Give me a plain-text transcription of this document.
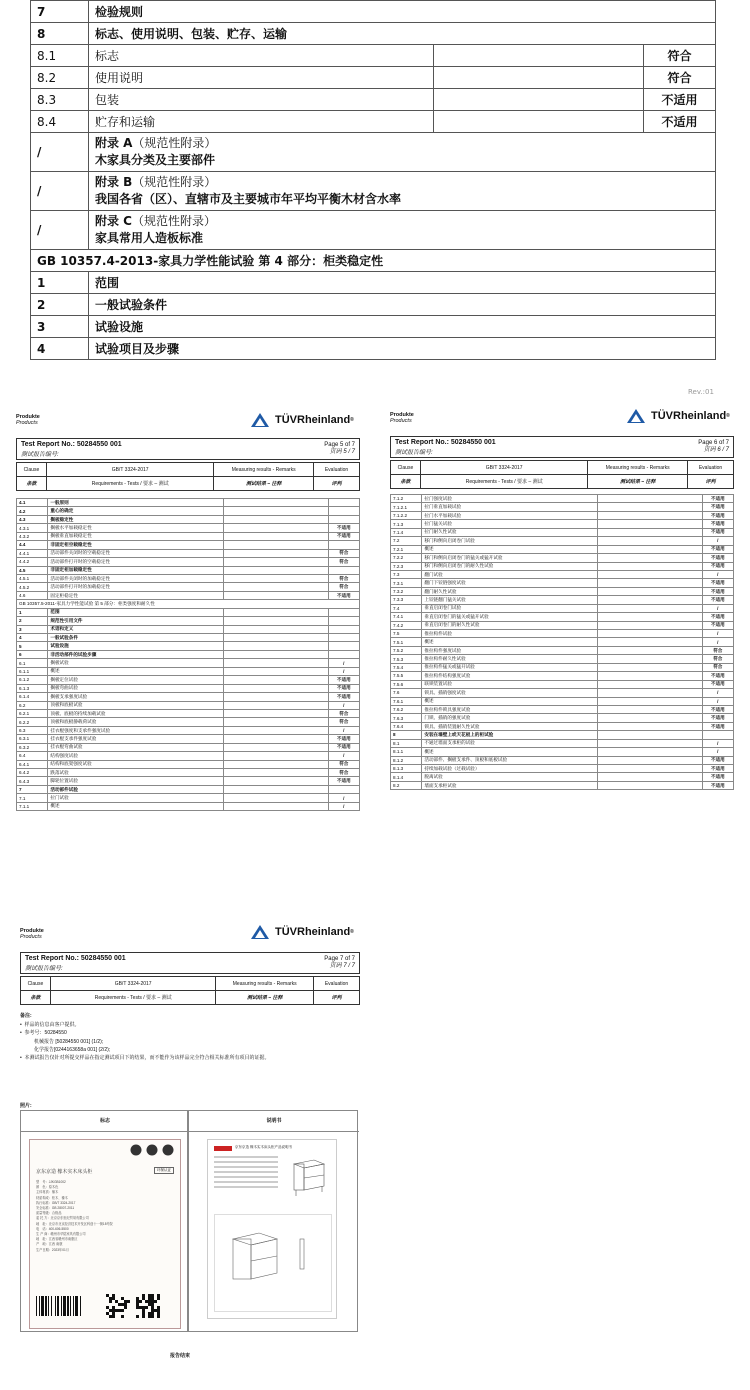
7	检验规则		
8	标志、使用说明、包装、贮存、运输		
8.1	标志		符合
8.2	使用说明		符合
8.3	包装		不适用
8.4	贮存和运输		不适用
/	附录 A（规范性附录）
木家具分类及主要部件		

/	附录 B（规范性附录）
我国各省（区）、直辖市及主要城市年平均平衡木材含水率		

/	附录 C（规范性附录）
家具常用人造板标准		

GB 10357.4-2013-家具力学性能试验 第 4 部分：柜类稳定性			
1	范围		
2	一般试验条件		
3	试验设施		
4	试验项目及步骤		
Rev.:01
Produkte
Products	TÜVRheinland ®
Test Report No.: 50284550 001
测试报告编号:
Page 5 of 7
页码 5 / 7
Clause	GB/T 3324-2017	Measuring results - Remarks	Evaluation
条款	Requirements - Tests / 要求 – 测试	测试结果 – 注释	评判
4.1	一般原则		
4.2	重心的确定		
4.3	搁板稳定性		
4.3.1	搁板水平加载稳定性		不适用
4.3.2	搁板垂直加载稳定性		不适用
4.4	非固定柜空载稳定性		
4.4.1	活动部件关闭时的空载稳定性		符合
4.4.2	活动部件打开时的空载稳定性		符合
4.5	非固定柜加载稳定性		
4.5.1	活动部件关闭时的加载稳定性		符合
4.5.2	活动部件打开时的加载稳定性		符合
4.6	固定柜稳定性		不适用
GB 10357.5-2011-家具力学性能试验 第 5 部分：柜类强度和耐久性			
1	范围		
2	规范性引用文件		
3	术语和定义		
4	一般试验条件		
5	试验设施		
6	非活动部件的试验步骤		
6.1	搁板试验		/
6.1.1	概述		/
6.1.2	搁板定位试验		不适用
6.1.3	搁板弯曲试验		不适用
6.1.4	搁板支承强度试验		不适用
6.2	顶板和底板试验		/
6.2.1	顶板、底板的持续加载试验		符合
6.2.2	顶板和底板静载荷试验		符合
6.3	挂衣棍强度和支承件强度试验		/
6.3.1	挂衣棍支承件强度试验		不适用
6.3.2	挂衣棍弯曲试验		不适用
6.4	结构强度试验		/
6.4.1	结构和底架强度试验		符合
6.4.2	跌落试验		符合
6.4.3	脚轮位置试验		不适用
7	活动部件试验		
7.1	拉门试验		/
7.1.1	概述		/
Produkte
Products	TÜVRheinland ®
Test Report No.: 50284550 001
测试报告编号:
Page 6 of 7
页码 6 / 7
Clause	GB/T 3324-2017	Measuring results - Remarks	Evaluation
条款	Requirements - Tests / 要求 – 测试	测试结果 – 注释	评判
7.1.2	拉门强度试验		不适用
7.1.2.1	拉门垂直加载试验		不适用
7.1.2.2	拉门水平加载试验		不适用
7.1.3	拉门猛关试验		不适用
7.1.4	拉门耐久性试验		不适用
7.2	移门和侧向启闭卷门试验		/
7.2.1	概述		不适用
7.2.2	移门和侧向启闭卷门的猛关或猛开试验		不适用
7.2.3	移门和侧向启闭卷门的耐久性试验		不适用
7.3	翻门试验		/
7.3.1	翻门下铰链强度试验		不适用
7.3.2	翻门耐久性试验		不适用
7.3.3	上铰链翻门猛关试验		不适用
7.4	垂直启闭卷门试验		/
7.4.1	垂直启闭卷门的猛关或猛开试验		不适用
7.4.2	垂直启闭卷门的耐久性试验		不适用
7.5	推拉构件试验		/
7.5.1	概述		/
7.5.2	推拉构件强度试验		符合
7.5.3	推拉构件耐久性试验		符合
7.5.4	推拉构件猛关或猛开试验		符合
7.5.5	推拉构件结构强度试验		不适用
7.5.6	联锁装置试验		不适用
7.6	锁具、插销强度试验		/
7.6.1	概述		/
7.6.2	推拉构件锁具强度试验		不适用
7.6.3	门锁、插销的强度试验		不适用
7.6.4	锁具、插销装置耐久性试验		不适用
8	安装在墙壁上或天花板上的柜试验		
8.1	不通过墙面支承柜的试验		/
8.1.1	概述		/
8.1.2	活动部件、搁板支承件、顶板和底板试验		不适用
8.1.3	持续加载试验（过载试验）		不适用
8.1.4	脱离试验		不适用
8.2	墙面支承柜试验		不适用
Produkte
Products	TÜVRheinland ®
Test Report No.: 50284550 001
测试报告编号:
Page 7 of 7
页码 7 / 7
Clause	GB/T 3324-2017	Measuring results - Remarks	Evaluation
条款	Requirements - Tests / 要求 – 测试	测试结果 – 注释	评判
备注:
•  样品的信息由客户提供。
•  参考号：50284550
机械报告 [50284550 001] (1/2);
化学报告[0244163658a 001] (2/2);
•  本测试报告仅针对所提交样品在指定测试项目下的结果，而不能作为该样品完全符合相关标准所有项目的证据。
照片:
标志
京东京造 橡木实木床头柜	环保认证
型　号：JJKGB1002
颜　色：原木色
主体材质：橡木
材质构成：松木、橡木
执行标准：GB/T 3324-2017
安全标准：GB 28007-2011
质量等级：合格品
委 托 方：北京京东世纪贸易有限公司
地　址：北京市北京经济技术开发区科创十一街18号院
电　话：400-606-5500
生 产 商：赣州市华铭家具有限公司
地　址：江西省赣州市南康区
产　地：江西 南康
生产日期：2023年01月
说明书
京东京造 橡木实木床头柜产品说明书
报告结束
